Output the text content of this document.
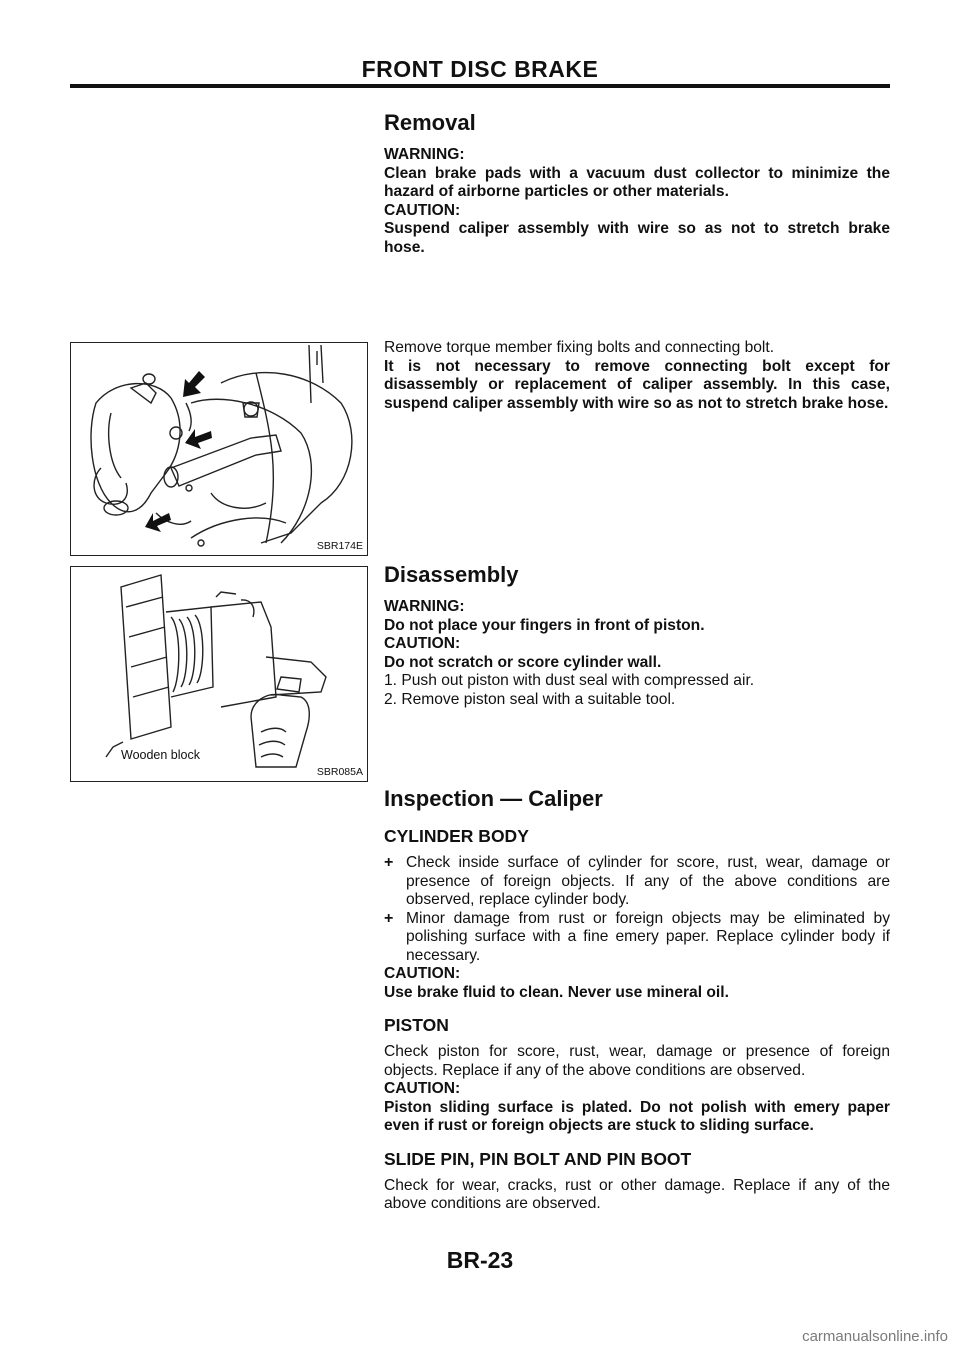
FRONT DISC BRAKE
Removal

WARNING:

Clean brake pads with a vacuum dust collector to minimize the hazard of airborne particles or other materials.

CAUTION:

Suspend caliper assembly with wire so as not to stretch brake hose.

Remove torque member fixing bolts and connecting bolt.

It is not necessary to remove connecting bolt except for disassembly or replacement of caliper assembly. In this case, suspend caliper assembly with wire so as not to stretch brake hose.

SBR174E
Wooden block
SBR085A
Disassembly

WARNING:

Do not place your fingers in front of piston.

CAUTION:

Do not scratch or score cylinder wall.

1. Push out piston with dust seal with compressed air.

2. Remove piston seal with a suitable tool.

Inspection — Caliper
CYLINDER BODY
+ Check inside surface of cylinder for score, rust, wear, damage or presence of foreign objects. If any of the above conditions are observed, replace cylinder body.

+ Minor damage from rust or foreign objects may be eliminated by polishing surface with a fine emery paper. Replace cylinder body if necessary.

CAUTION:

Use brake fluid to clean. Never use mineral oil.

PISTON

Check piston for score, rust, wear, damage or presence of foreign objects. Replace if any of the above conditions are observed.

CAUTION:

Piston sliding surface is plated. Do not polish with emery paper even if rust or foreign objects are stuck to sliding surface.

SLIDE PIN, PIN BOLT AND PIN BOOT

Check for wear, cracks, rust or other damage. Replace if any of the above conditions are observed.

BR-23
carmanualsonline.info
